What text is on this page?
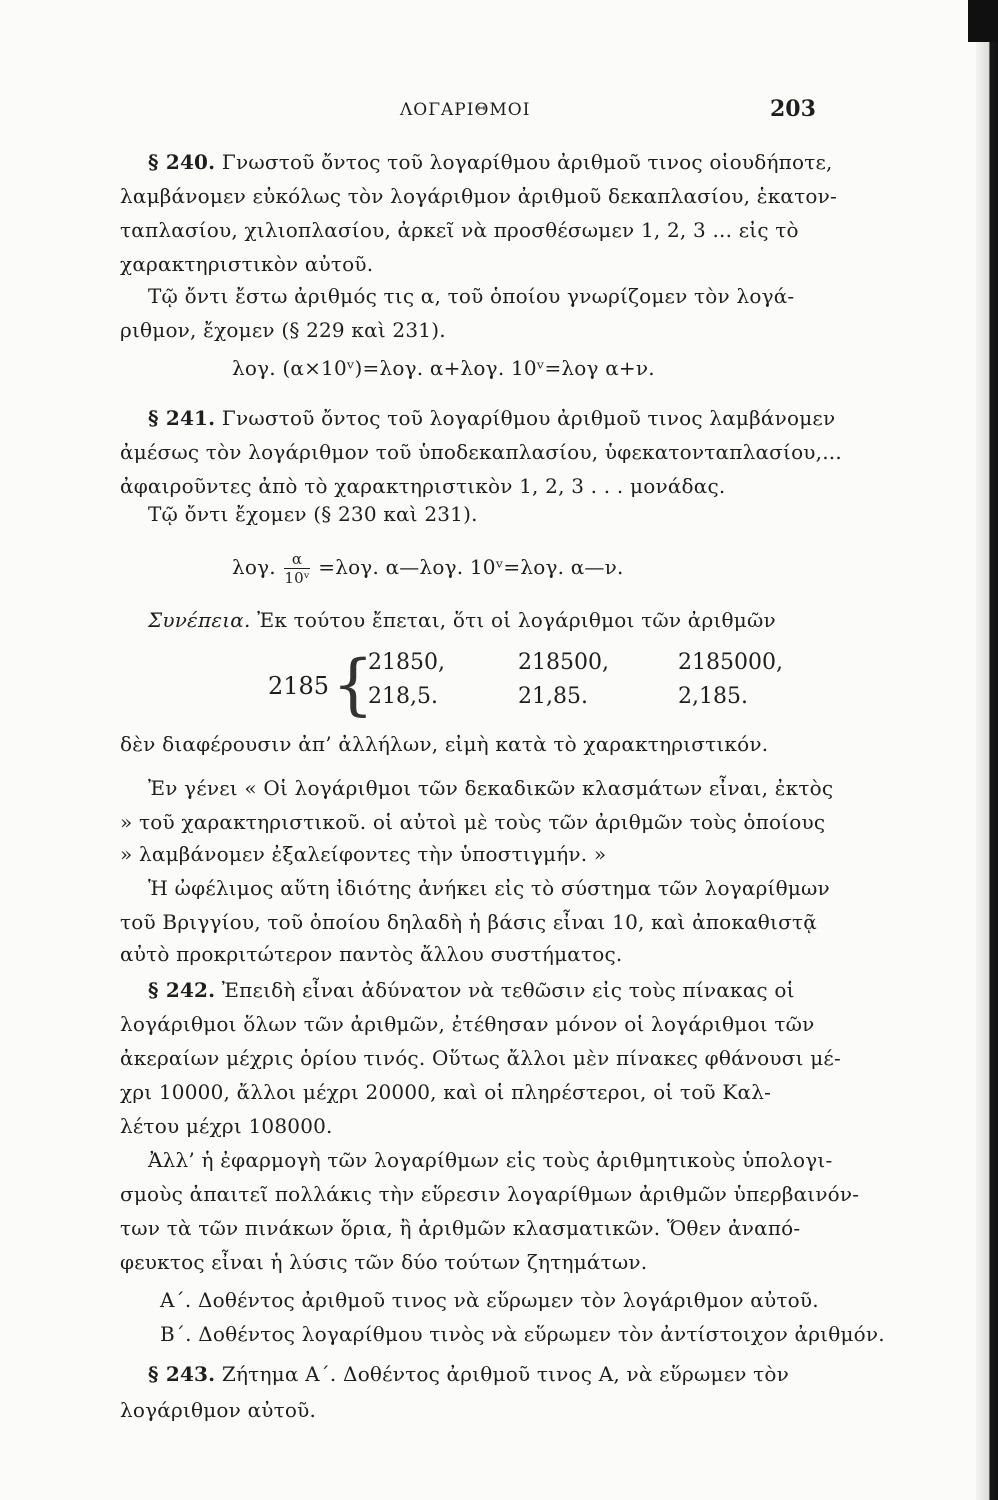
ΛΟΓΑΡΙΘΜΟΙ	203
§ 240. Γνωστοῦ ὄντος τοῦ λογαρίθμου ἀριθμοῦ τινος οἱουδήποτε,
λαμβάνομεν εὐκόλως τὸν λογάριθμον ἀριθμοῦ δεκαπλασίου, ἑκατον-
ταπλασίου, χιλιοπλασίου, ἀρκεῖ νὰ προσθέσωμεν 1, 2, 3 ... εἰς τὸ
χαρακτηριστικὸν αὐτοῦ.
Τῷ ὄντι ἔστω ἀριθμός τις α, τοῦ ὁποίου γνωρίζομεν τὸν λογά-
ριθμον, ἔχομεν (§ 229 καὶ 231).
λογ. (α×10ᵛ)=λογ. α+λογ. 10ᵛ=λογ α+ν.
§ 241. Γνωστοῦ ὄντος τοῦ λογαρίθμου ἀριθμοῦ τινος λαμβάνομεν
ἀμέσως τὸν λογάριθμον τοῦ ὑποδεκαπλασίου, ὑφεκατονταπλασίου,...
ἀφαιροῦντες ἀπὸ τὸ χαρακτηριστικὸν 1, 2, 3 . . . μονάδας.
Τῷ ὄντι ἔχομεν (§ 230 καὶ 231).
λογ. $\frac{\alpha}{\text{10ᵛ}} =\lambda o\gamma$. α—λογ. 10ᵛ=λογ. α—ν.
Συνέπεια. Ἐκ τούτου ἔπεται, ὅτι οἱ λογάριθμοι τῶν ἀριθμῶν
2185 {
21850,	218500,	2185000,
218,5.	21,85.	2,185.
δὲν διαφέρουσιν ἀπ’ ἀλλήλων, εἰμὴ κατὰ τὸ χαρακτηριστικόν.
Ἐν γένει « Οἱ λογάριθμοι τῶν δεκαδικῶν κλασμάτων εἶναι, ἐκτὸς
» τοῦ χαρακτηριστικοῦ. οἱ αὐτοὶ μὲ τοὺς τῶν ἀριθμῶν τοὺς ὁποίους
» λαμβάνομεν ἐξαλείφοντες τὴν ὑποστιγμήν. »
Ἡ ὠφέλιμος αὕτη ἰδιότης ἀνήκει εἰς τὸ σύστημα τῶν λογαρίθμων
τοῦ Βριγγίου, τοῦ ὁποίου δηλαδὴ ἡ βάσις εἶναι 10, καὶ ἀποκαθιστᾷ
αὐτὸ προκριτώτερον παντὸς ἄλλου συστήματος.
§ 242. Ἐπειδὴ εἶναι ἀδύνατον νὰ τεθῶσιν εἰς τοὺς πίνακας οἱ
λογάριθμοι ὅλων τῶν ἀριθμῶν, ἐτέθησαν μόνον οἱ λογάριθμοι τῶν
ἀκεραίων μέχρις ὁρίου τινός. Οὕτως ἄλλοι μὲν πίνακες φθάνουσι μέ-
χρι 10000, ἄλλοι μέχρι 20000, καὶ οἱ πληρέστεροι, οἱ τοῦ Καλ-
λέτου μέχρι 108000.
Ἀλλ’ ἡ ἐφαρμογὴ τῶν λογαρίθμων εἰς τοὺς ἀριθμητικοὺς ὑπολογι-
σμοὺς ἀπαιτεῖ πολλάκις τὴν εὕρεσιν λογαρίθμων ἀριθμῶν ὑπερβαινόν-
των τὰ τῶν πινάκων ὅρια, ἢ ἀριθμῶν κλασματικῶν. Ὅθεν ἀναπό-
φευκτος εἶναι ἡ λύσις τῶν δύο τούτων ζητημάτων.
Α΄. Δοθέντος ἀριθμοῦ τινος νὰ εὕρωμεν τὸν λογάριθμον αὐτοῦ.
Β΄. Δοθέντος λογαρίθμου τινὸς νὰ εὕρωμεν τὸν ἀντίστοιχον ἀριθμόν.
§ 243. Ζήτημα Α΄. Δοθέντος ἀριθμοῦ τινος Α, νὰ εὕρωμεν τὸν
λογάριθμον αὐτοῦ.
